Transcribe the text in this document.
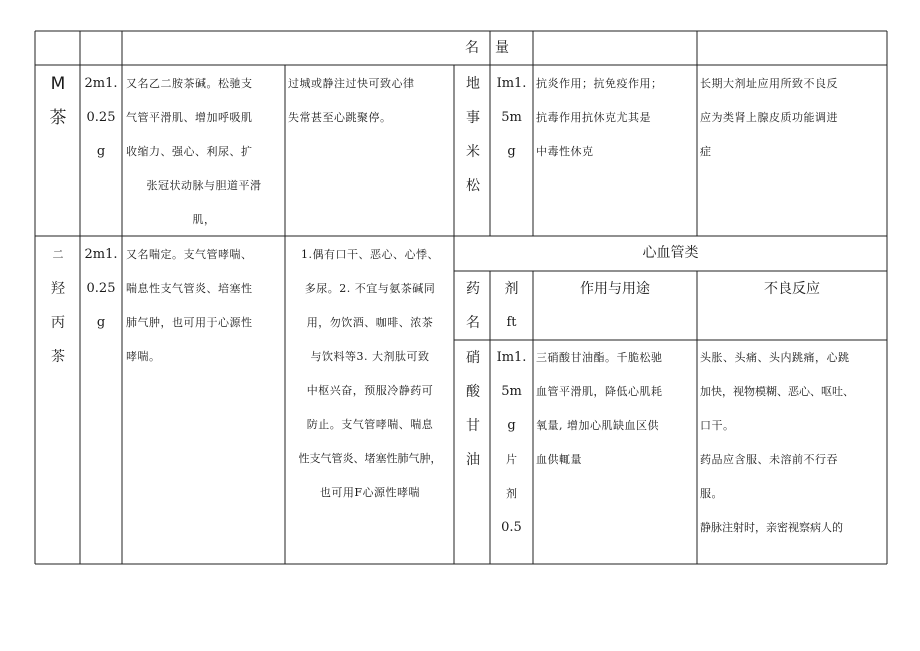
名	量
M
茶
2m1.
0.25
g
又名乙二胺茶碱。松驰支
气管平滑肌、增加呼吸肌
收缩力、强心、利尿、扩
张冠状动脉与胆道平滑
肌，
过城或静注过快可致心律
失常甚至心跳聚停。
地
事
米
松
Im1.
5m
g
抗炎作用；抗免疫作用；
抗毒作用抗休克尤其是
中毒性休克
长期大剂址应用所致不良反
应为类肾上腺皮质功能调进
症
二
羟
丙
茶
2m1.
0.25
g
又名喘定。支气管哮喘、
喘息性支气管炎、培塞性
肺气肿，也可用于心源性
哮喘。
1.偶有口干、恶心、心悸、
多尿。2. 不宜与氨茶碱同
用，勿饮酒、咖啡、浓茶
与饮料等3. 大剂肽可致
中枢兴奋，预服冷静药可
防止。支气管哮喘、喘息
性支气管炎、堵塞性肺气肿，
也可用F心源性哮喘
心血管类
药
名
剂
ft
作用与用途	不良反应
硝
酸
甘
油
Im1.
5m
g
片
剂
0.5
三硝酸甘油酯。千脆松驰
血管平滑肌，降低心肌耗
氧量, 增加心肌缺血区供
血供輒量
头胀、头痛、头内跳痛，心跳
加快，视物模糊、恶心、呕吐、
口干。
药品应含服、未溶前不行吞
服。
静脉注射时，亲密视察病人的
